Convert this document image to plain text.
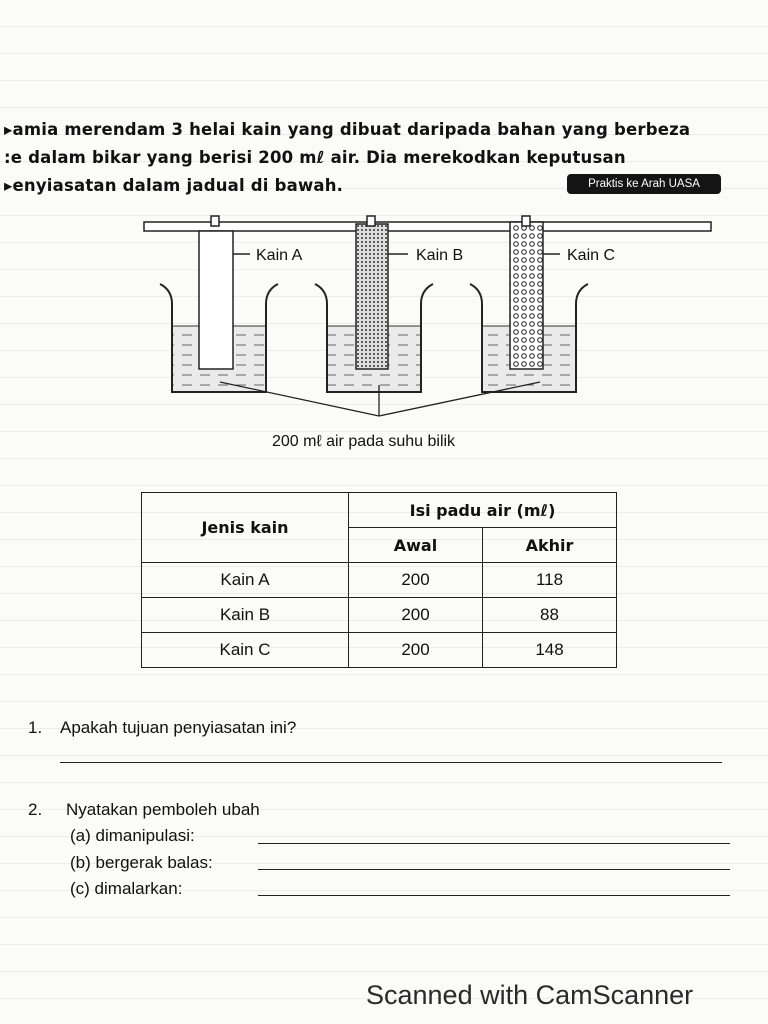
▸amia merendam 3 helai kain yang dibuat daripada bahan yang berbeza
:e dalam bikar yang berisi 200 mℓ air. Dia merekodkan keputusan
▸enyiasatan dalam jadual di bawah.	Praktis ke Arah UASA
Kain A	Kain B	Kain C
200 mℓ air pada suhu bilik
Jenis kain	Isi padu air (mℓ)	
	Awal	Akhir
Kain A	200	118
Kain B	200	88
Kain C	200	148
1. Apakah tujuan penyiasatan ini?
2. Nyatakan pemboleh ubah
(a) dimanipulasi:
(b) bergerak balas:
(c) dimalarkan:
Scanned with CamScanner
